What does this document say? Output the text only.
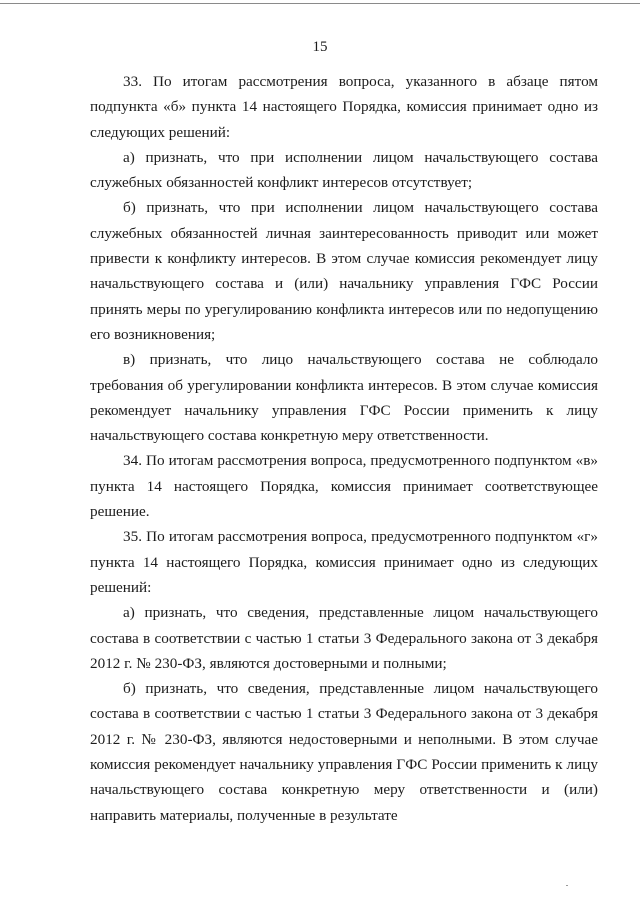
15

33. По итогам рассмотрения вопроса, указанного в абзаце пятом подпункта «б» пункта 14 настоящего Порядка, комиссия принимает одно из следующих решений:

а) признать, что при исполнении лицом начальствующего состава служебных обязанностей конфликт интересов отсутствует;

б) признать, что при исполнении лицом начальствующего состава служебных обязанностей личная заинтересованность приводит или может привести к конфликту интересов. В этом случае комиссия рекомендует лицу начальствующего состава и (или) начальнику управления ГФС России принять меры по урегулированию конфликта интересов или по недопущению его возникновения;

в) признать, что лицо начальствующего состава не соблюдало требования об урегулировании конфликта интересов. В этом случае комиссия рекомендует начальнику управления ГФС России применить к лицу начальствующего состава конкретную меру ответственности.

34. По итогам рассмотрения вопроса, предусмотренного подпунктом «в» пункта 14 настоящего Порядка, комиссия принимает соответствующее решение.

35. По итогам рассмотрения вопроса, предусмотренного подпунктом «г» пункта 14 настоящего Порядка, комиссия принимает одно из следующих решений:

а) признать, что сведения, представленные лицом начальствующего состава в соответствии с частью 1 статьи 3 Федерального закона от 3 декабря 2012 г. № 230-ФЗ, являются достоверными и полными;

б) признать, что сведения, представленные лицом начальствующего состава в соответствии с частью 1 статьи 3 Федерального закона от 3 декабря 2012 г. № 230-ФЗ, являются недостоверными и неполными. В этом случае комиссия рекомендует начальнику управления ГФС России применить к лицу начальствующего состава конкретную меру ответственности и (или) направить материалы, полученные в результате
